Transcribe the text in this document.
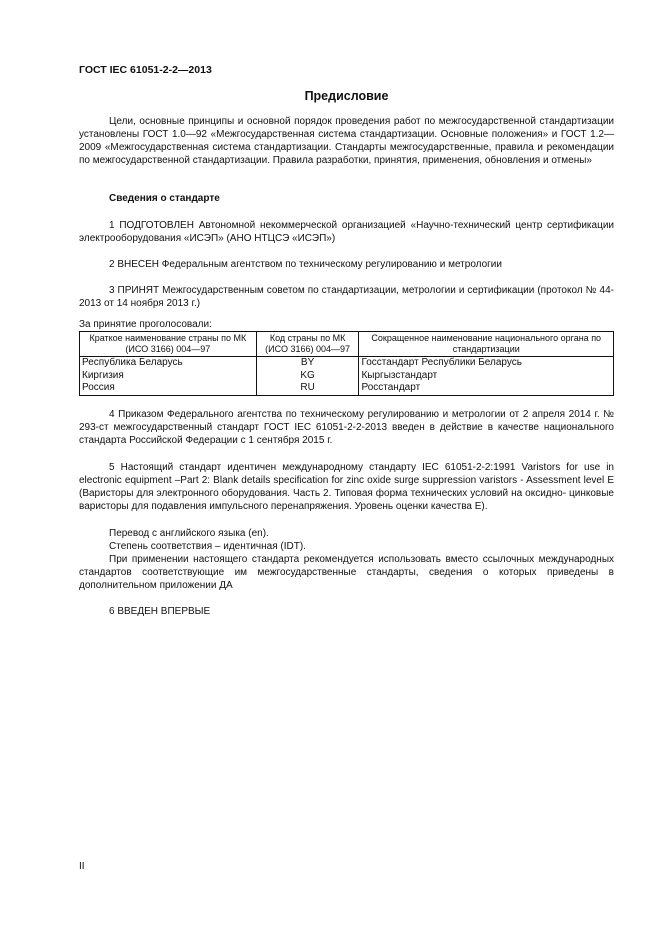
ГОСТ IEC 61051-2-2—2013
Предисловие

Цели, основные принципы и основной порядок проведения работ по межгосударственной стандартизации установлены ГОСТ 1.0—92 «Межгосударственная система стандартизации. Основные положения» и ГОСТ 1.2—2009 «Межгосударственная система стандартизации. Стандарты межгосударственные, правила и рекомендации по межгосударственной стандартизации. Правила разработки, принятия, применения, обновления и отмены»

Сведения о стандарте

1 ПОДГОТОВЛЕН Автономной некоммерческой организацией «Научно-технический центр сертификации электрооборудования «ИСЭП» (АНО НТЦСЭ «ИСЭП»)

2 ВНЕСЕН Федеральным агентством по техническому регулированию и метрологии

3 ПРИНЯТ Межгосударственным советом по стандартизации, метрологии и сертификации (протокол № 44-2013 от 14 ноября 2013 г.)

За принятие проголосовали:
Краткое наименование страны по МК (ИСО 3166) 004—97	Код страны по МК (ИСО 3166) 004—97	Сокращенное наименование национального органа по стандартизации
Республика Беларусь	BY	Госстандарт Республики Беларусь
Киргизия	KG	Кыргызстандарт
Россия	RU	Росстандарт

4 Приказом Федерального агентства по техническому регулированию и метрологии от 2 апреля 2014 г. № 293-ст межгосударственный стандарт ГОСТ IEC 61051-2-2-2013 введен в действие в качестве национального стандарта Российской Федерации с 1 сентября 2015 г.

5 Настоящий стандарт идентичен международному стандарту IEC 61051-2-2:1991 Varistors for use in electronic equipment –Part 2: Blank details specification for zinc oxide surge suppression varistors - Assessment level E (Варисторы для электронного оборудования. Часть 2. Типовая форма технических условий на оксидно- цинковые варисторы для подавления импульсного перенапряжения. Уровень оценки качества E).

Перевод с английского языка (en).

Степень соответствия – идентичная (IDT).

При применении настоящего стандарта рекомендуется использовать вместо ссылочных международных стандартов соответствующие им межгосударственные стандарты, сведения о которых приведены в дополнительном приложении ДА

6 ВВЕДЕН ВПЕРВЫЕ

II
